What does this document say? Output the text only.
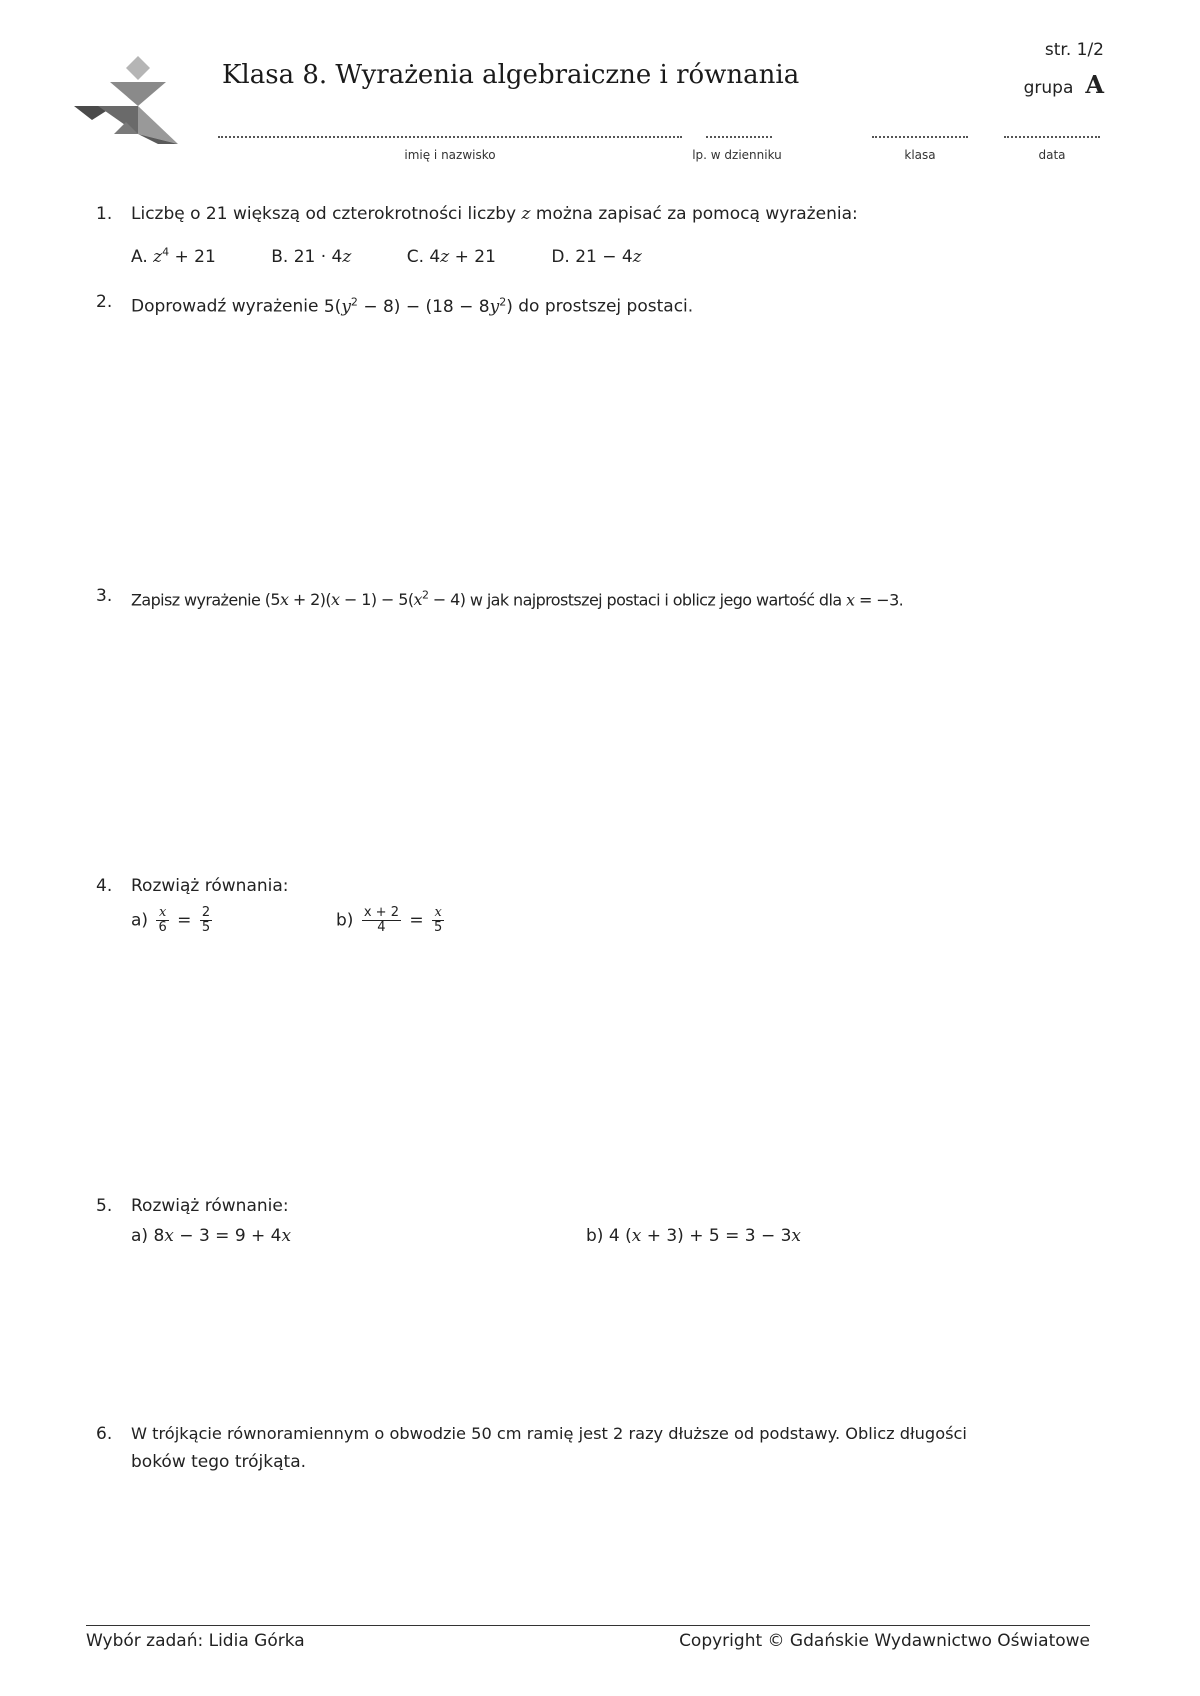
Klasa 8. Wyrażenia algebraiczne i równania
str. 1/2
grupa A
imię i nazwisko	lp. w dzienniku	klasa	data
1.	Liczbę o 21 większą od czterokrotności liczby z można zapisać za pomocą wyrażenia:
A. $z^4 + 21$	B. 21 · 4z	C. 4z + 21	D. 21 − 4z
2.	Doprowadź wyrażenie $5(y^2 - 8) - (18 - 8y^2)$ do prostszej postaci.
3.	Zapisz wyrażenie $(5x + 2)(x - 1) - 5(x^2 - 4)$ w jak najprostszej postaci i oblicz jego wartość dla x = −3.
4.	Rozwiąż równania:
$a) \frac{x}{6} = \frac{2}{5}$	$b) \frac{x + 2}{4} = \frac{x}{5}$
5.	Rozwiąż równanie:
a) 8x − 3 = 9 + 4x	b) 4 (x + 3) + 5 = 3 − 3x
6.	W trójkącie równoramiennym o obwodzie 50 cm ramię jest 2 razy dłuższe od podstawy. Oblicz długości
boków tego trójkąta.
Wybór zadań: Lidia Górka	Copyright © Gdańskie Wydawnictwo Oświatowe
